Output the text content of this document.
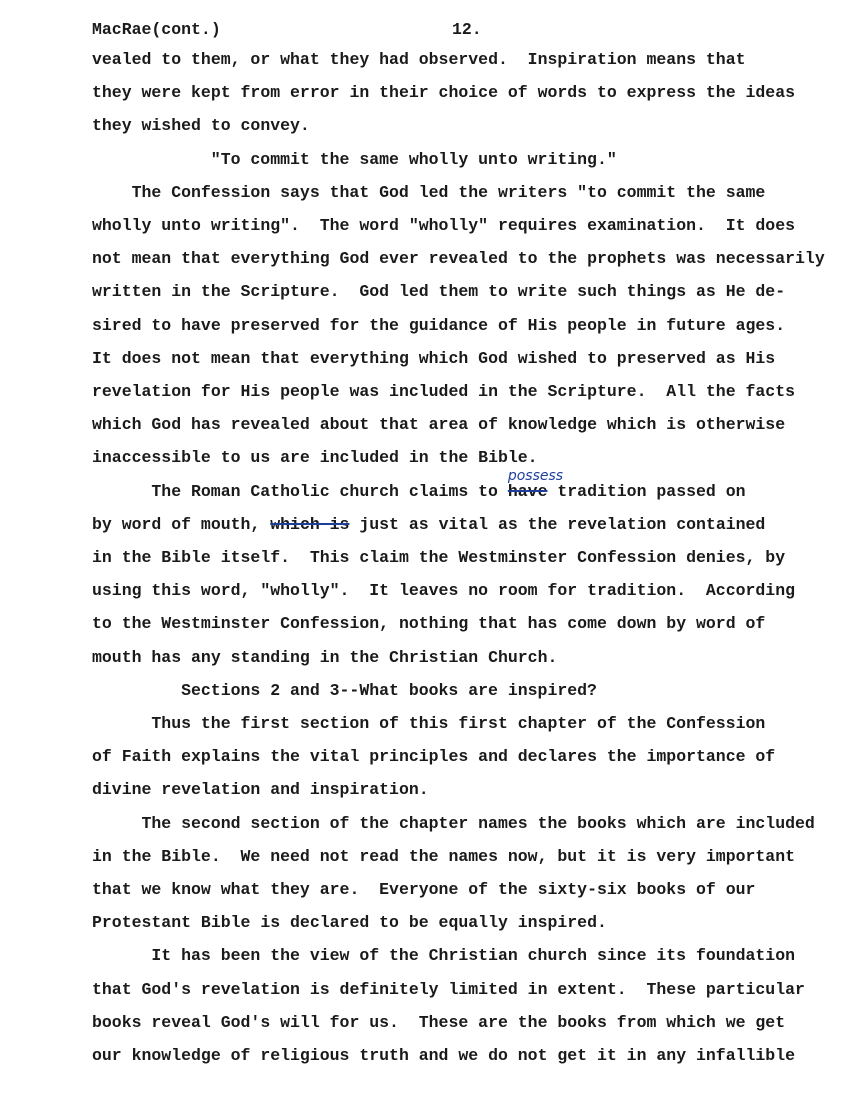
MacRae(cont.)	12.
vealed to them, or what they had observed.  Inspiration means that
they were kept from error in their choice of words to express the ideas
they wished to convey.
"To commit the same wholly unto writing."
The Confession says that God led the writers "to commit the same
wholly unto writing".  The word "wholly" requires examination.  It does
not mean that everything God ever revealed to the prophets was necessarily
written in the Scripture.  God led them to write such things as He de-
sired to have preserved for the guidance of His people in future ages.
It does not mean that everything which God wished to preserved as His
revelation for His people was included in the Scripture.  All the facts
which God has revealed about that area of knowledge which is otherwise
inaccessible to us are included in the Bible.
The Roman Catholic church claims to
possess
have tradition passed on
by word of mouth, which is just as vital as the revelation contained
in the Bible itself.  This claim the Westminster Confession denies, by
using this word, "wholly".  It leaves no room for tradition.  According
to the Westminster Confession, nothing that has come down by word of
mouth has any standing in the Christian Church.
Sections 2 and 3--What books are inspired?
Thus the first section of this first chapter of the Confession
of Faith explains the vital principles and declares the importance of
divine revelation and inspiration.
The second section of the chapter names the books which are included
in the Bible.  We need not read the names now, but it is very important
that we know what they are.  Everyone of the sixty-six books of our
Protestant Bible is declared to be equally inspired.
It has been the view of the Christian church since its foundation
that God's revelation is definitely limited in extent.  These particular
books reveal God's will for us.  These are the books from which we get
our knowledge of religious truth and we do not get it in any infallible
